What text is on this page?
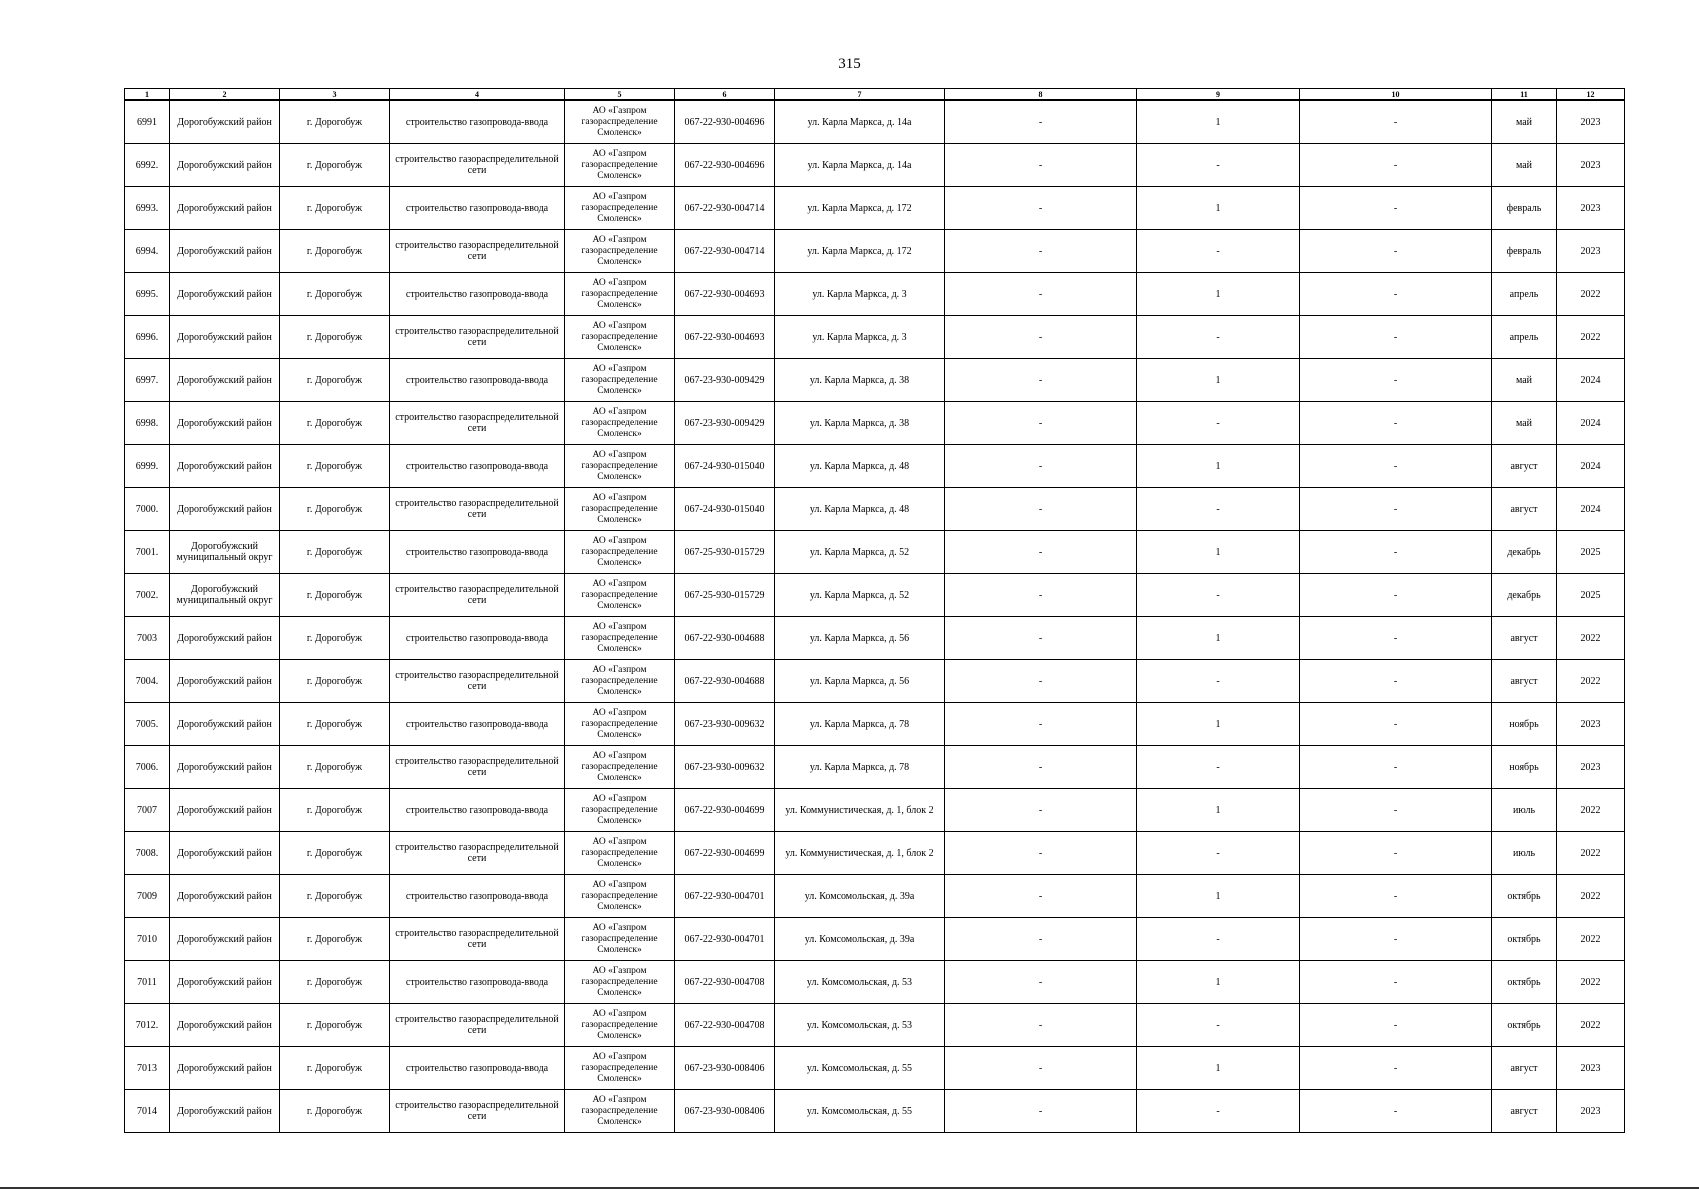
315
1	2	3	4	5	6	7	8	9	10	11	12
6991	Дорогобужский район	г. Дорогобуж	строительство газопровода-ввода	АО «Газпром газораспределение Смоленск»	067-22-930-004696	ул. Карла Маркса, д. 14а	-	1	-	май	2023
6992.	Дорогобужский район	г. Дорогобуж	строительство газораспределительной сети	АО «Газпром газораспределение Смоленск»	067-22-930-004696	ул. Карла Маркса, д. 14а	-	-	-	май	2023
6993.	Дорогобужский район	г. Дорогобуж	строительство газопровода-ввода	АО «Газпром газораспределение Смоленск»	067-22-930-004714	ул. Карла Маркса, д. 172	-	1	-	февраль	2023
6994.	Дорогобужский район	г. Дорогобуж	строительство газораспределительной сети	АО «Газпром газораспределение Смоленск»	067-22-930-004714	ул. Карла Маркса, д. 172	-	-	-	февраль	2023
6995.	Дорогобужский район	г. Дорогобуж	строительство газопровода-ввода	АО «Газпром газораспределение Смоленск»	067-22-930-004693	ул. Карла Маркса, д. 3	-	1	-	апрель	2022
6996.	Дорогобужский район	г. Дорогобуж	строительство газораспределительной сети	АО «Газпром газораспределение Смоленск»	067-22-930-004693	ул. Карла Маркса, д. 3	-	-	-	апрель	2022
6997.	Дорогобужский район	г. Дорогобуж	строительство газопровода-ввода	АО «Газпром газораспределение Смоленск»	067-23-930-009429	ул. Карла Маркса, д. 38	-	1	-	май	2024
6998.	Дорогобужский район	г. Дорогобуж	строительство газораспределительной сети	АО «Газпром газораспределение Смоленск»	067-23-930-009429	ул. Карла Маркса, д. 38	-	-	-	май	2024
6999.	Дорогобужский район	г. Дорогобуж	строительство газопровода-ввода	АО «Газпром газораспределение Смоленск»	067-24-930-015040	ул. Карла Маркса, д. 48	-	1	-	август	2024
7000.	Дорогобужский район	г. Дорогобуж	строительство газораспределительной сети	АО «Газпром газораспределение Смоленск»	067-24-930-015040	ул. Карла Маркса, д. 48	-	-	-	август	2024
7001.	Дорогобужский муниципальный округ	г. Дорогобуж	строительство газопровода-ввода	АО «Газпром газораспределение Смоленск»	067-25-930-015729	ул. Карла Маркса, д. 52	-	1	-	декабрь	2025
7002.	Дорогобужский муниципальный округ	г. Дорогобуж	строительство газораспределительной сети	АО «Газпром газораспределение Смоленск»	067-25-930-015729	ул. Карла Маркса, д. 52	-	-	-	декабрь	2025
7003	Дорогобужский район	г. Дорогобуж	строительство газопровода-ввода	АО «Газпром газораспределение Смоленск»	067-22-930-004688	ул. Карла Маркса, д. 56	-	1	-	август	2022
7004.	Дорогобужский район	г. Дорогобуж	строительство газораспределительной сети	АО «Газпром газораспределение Смоленск»	067-22-930-004688	ул. Карла Маркса, д. 56	-	-	-	август	2022
7005.	Дорогобужский район	г. Дорогобуж	строительство газопровода-ввода	АО «Газпром газораспределение Смоленск»	067-23-930-009632	ул. Карла Маркса, д. 78	-	1	-	ноябрь	2023
7006.	Дорогобужский район	г. Дорогобуж	строительство газораспределительной сети	АО «Газпром газораспределение Смоленск»	067-23-930-009632	ул. Карла Маркса, д. 78	-	-	-	ноябрь	2023
7007	Дорогобужский район	г. Дорогобуж	строительство газопровода-ввода	АО «Газпром газораспределение Смоленск»	067-22-930-004699	ул. Коммунистическая, д. 1, блок 2	-	1	-	июль	2022
7008.	Дорогобужский район	г. Дорогобуж	строительство газораспределительной сети	АО «Газпром газораспределение Смоленск»	067-22-930-004699	ул. Коммунистическая, д. 1, блок 2	-	-	-	июль	2022
7009	Дорогобужский район	г. Дорогобуж	строительство газопровода-ввода	АО «Газпром газораспределение Смоленск»	067-22-930-004701	ул. Комсомольская, д. 39а	-	1	-	октябрь	2022
7010	Дорогобужский район	г. Дорогобуж	строительство газораспределительной сети	АО «Газпром газораспределение Смоленск»	067-22-930-004701	ул. Комсомольская, д. 39а	-	-	-	октябрь	2022
7011	Дорогобужский район	г. Дорогобуж	строительство газопровода-ввода	АО «Газпром газораспределение Смоленск»	067-22-930-004708	ул. Комсомольская, д. 53	-	1	-	октябрь	2022
7012.	Дорогобужский район	г. Дорогобуж	строительство газораспределительной сети	АО «Газпром газораспределение Смоленск»	067-22-930-004708	ул. Комсомольская, д. 53	-	-	-	октябрь	2022
7013	Дорогобужский район	г. Дорогобуж	строительство газопровода-ввода	АО «Газпром газораспределение Смоленск»	067-23-930-008406	ул. Комсомольская, д. 55	-	1	-	август	2023
7014	Дорогобужский район	г. Дорогобуж	строительство газораспределительной сети	АО «Газпром газораспределение Смоленск»	067-23-930-008406	ул. Комсомольская, д. 55	-	-	-	август	2023
